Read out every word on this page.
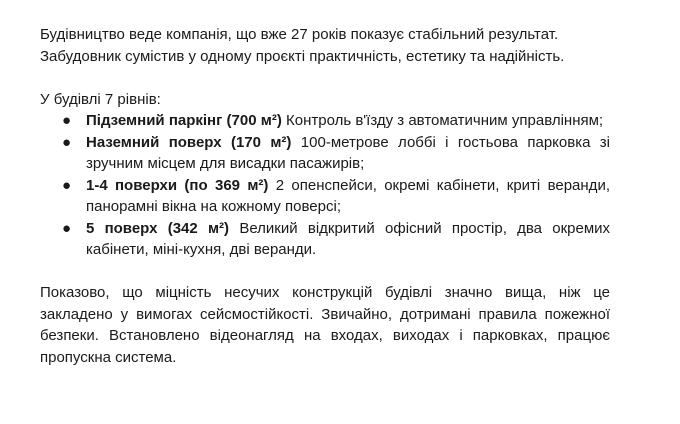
Будівництво веде компанія, що вже 27 років показує стабільний результат.
Забудовник сумістив у одному проєкті практичність, естетику та надійність.

У будівлі 7 рівнів:

● Підземний паркінг (700 м²) Контроль в'їзду з автоматичним управлінням;
● Наземний поверх (170 м²) 100-метрове лоббі і гостьова парковка зі зручним місцем для висадки пасажирів;
● 1-4 поверхи (по 369 м²) 2 опенспейси, окремі кабінети, криті веранди, панорамні вікна на кожному поверсі;
● 5 поверх (342 м²) Великий відкритий офісний простір, два окремих кабінети, міні-кухня, дві веранди.

Показово, що міцність несучих конструкцій будівлі значно вища, ніж це закладено у вимогах сейсмостійкості. Звичайно, дотримані правила пожежної безпеки. Встановлено відеонагляд на входах, виходах і парковках, працює пропускна система.
